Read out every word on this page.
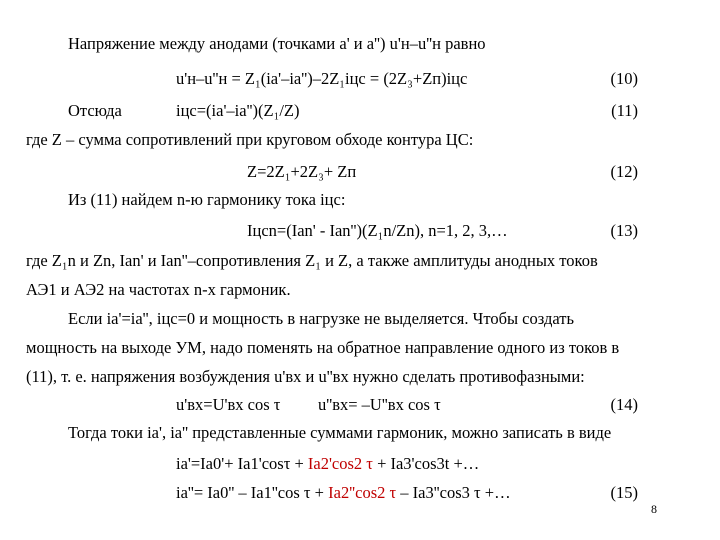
Напряжение между анодами (точками a' и a'') u'н–u''н равно
u'н–u''н = Z₁(iа'–iа'')–2Z₁iцс = (2Z₃+Zп)iцс	(10)
Отсюда	iцс=(iа'–iа'')(Z₁/Z)	(11)
где Z – сумма сопротивлений при круговом обходе контура ЦС:
Z=2Z₁+2Z₃+ Zп	(12)
Из (11) найдем n-ю гармонику тока iцс:
Iцсn=(Iаn' - Iаn'')(Z₁n/Zn), n=1, 2, 3,…	(13)
где Z₁n и Zn, Iаn' и Iаn''–сопротивления Z₁ и Z, а также амплитуды анодных токов
АЭ1 и АЭ2 на частотах n-х гармоник.
Если iа'=iа'', iцс=0 и мощность в нагрузке не выделяется. Чтобы создать
мощность на выходе УМ, надо поменять на обратное направление одного из токов в
(11), т. е. напряжения возбуждения u'вх и u''вх нужно сделать противофазными:
u'вх=U'вх cos τ u''вх= –U''вх cos τ	(14)
Тогда токи iа', iа'' представленные суммами гармоник, можно записать в виде
iа'=Iа0'+ Iа1'cosτ + Iа2'cos2 τ + Iа3'cos3t +…
iа''= Iа0'' – Iа1''cos τ + Iа2''cos2 τ – Iа3''cos3 τ +…	(15)
8
